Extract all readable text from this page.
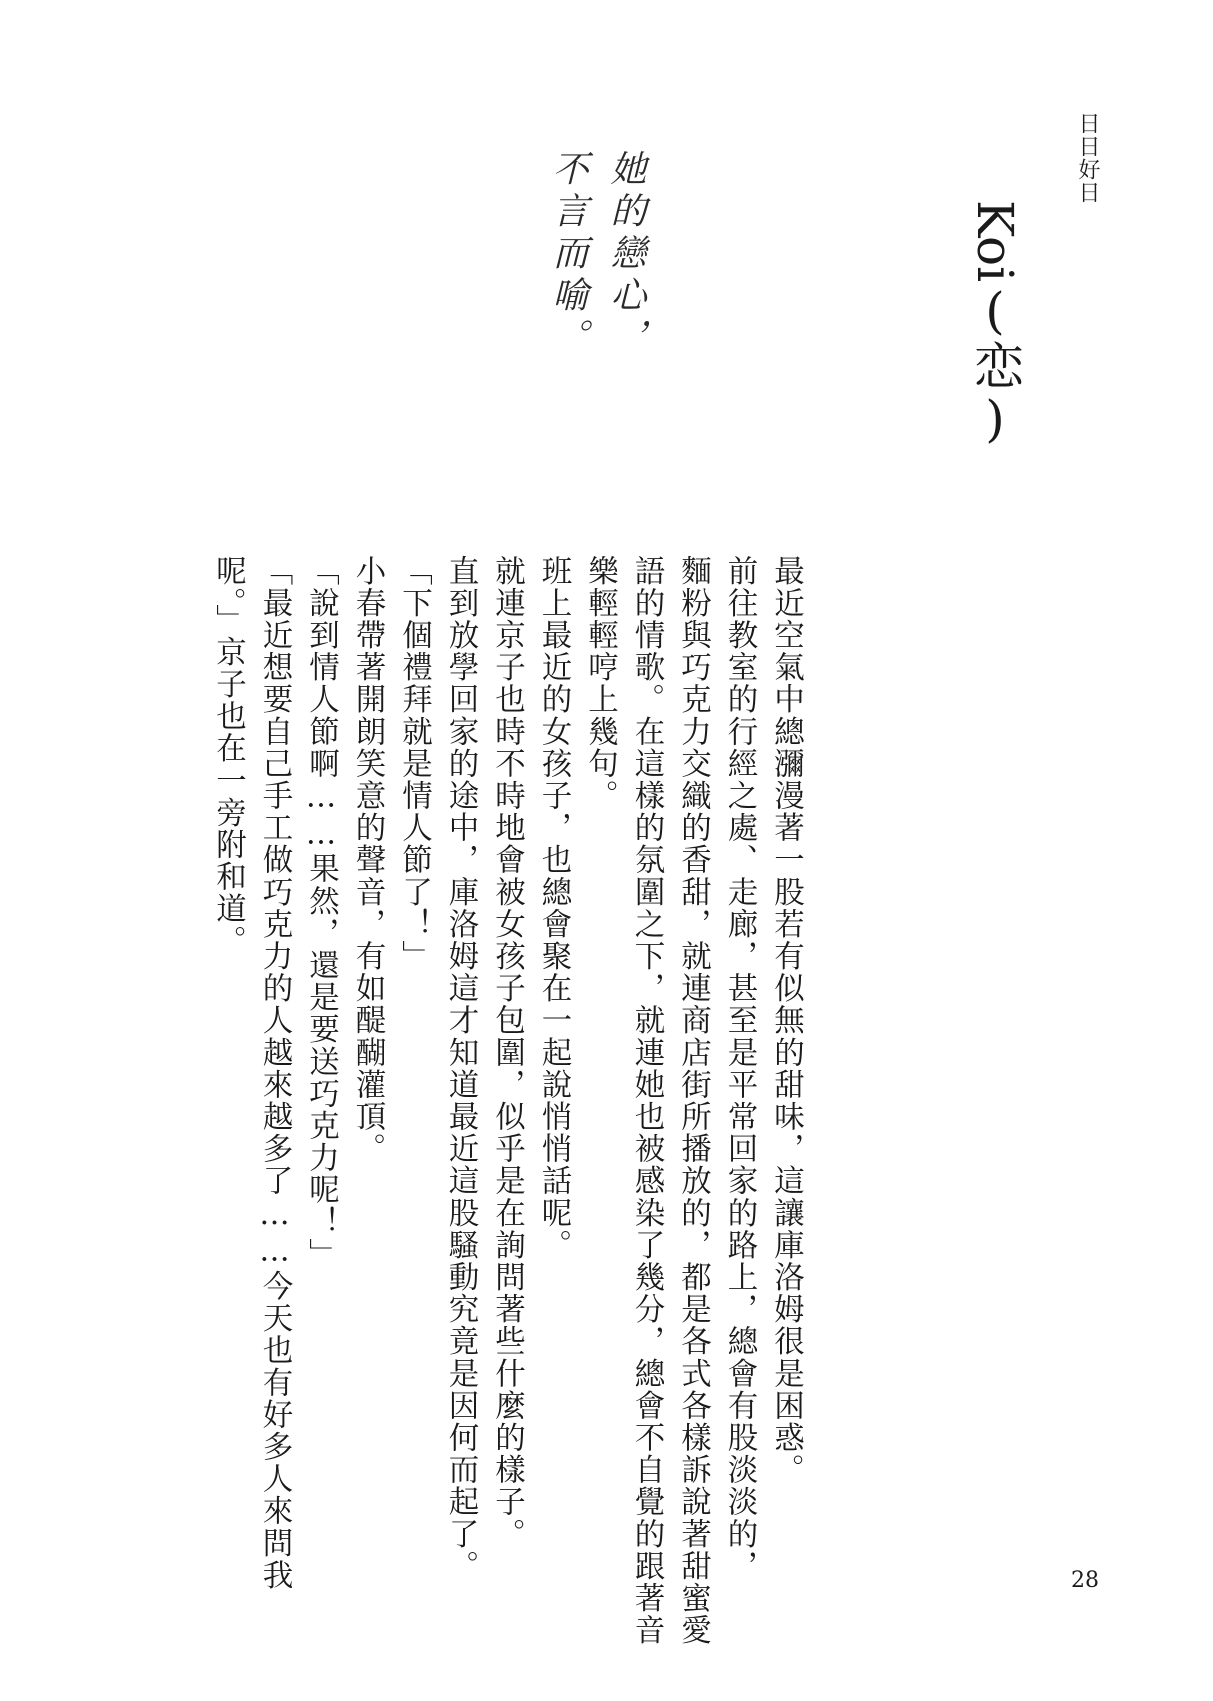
日日好日
Koi(恋)
她的戀心，
不言而喻。
最近空氣中總瀰漫著一股若有似無的甜味，這讓庫洛姆很是困惑。
前往教室的行經之處、走廊，甚至是平常回家的路上，總會有股淡淡的，
麵粉與巧克力交織的香甜，就連商店街所播放的，都是各式各樣訴說著甜蜜愛
語的情歌。在這樣的氛圍之下，就連她也被感染了幾分，總會不自覺的跟著音
樂輕輕哼上幾句。
班上最近的女孩子，也總會聚在一起說悄悄話呢。
就連京子也時不時地會被女孩子包圍，似乎是在詢問著些什麼的樣子。
直到放學回家的途中，庫洛姆這才知道最近這股騷動究竟是因何而起了。
「下個禮拜就是情人節了！」
小春帶著開朗笑意的聲音，有如醍醐灌頂。
「說到情人節啊……果然，還是要送巧克力呢！」
「最近想要自己手工做巧克力的人越來越多了……今天也有好多人來問我
呢。」京子也在一旁附和道。
28
